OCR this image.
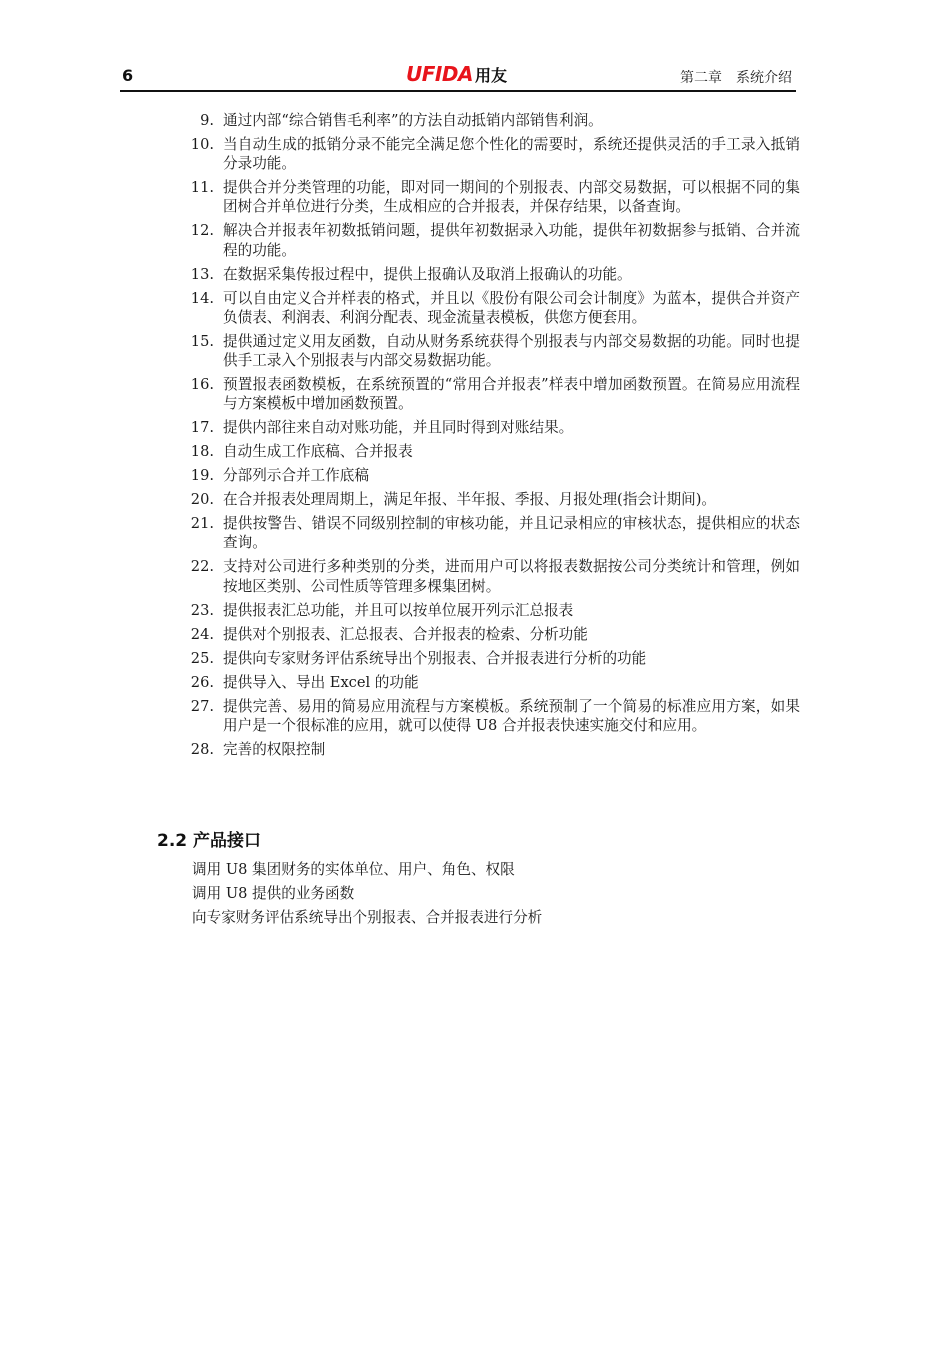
6	UFIDA 用友	第二章　系统介绍
9. 通过内部“综合销售毛利率”的方法自动抵销内部销售利润。
10. 当自动生成的抵销分录不能完全满足您个性化的需要时，系统还提供灵活的手工录入抵销分录功能。
11. 提供合并分类管理的功能，即对同一期间的个别报表、内部交易数据，可以根据不同的集团树合并单位进行分类，生成相应的合并报表，并保存结果，以备查询。
12. 解决合并报表年初数抵销问题，提供年初数据录入功能，提供年初数据参与抵销、合并流程的功能。
13. 在数据采集传报过程中，提供上报确认及取消上报确认的功能。
14. 可以自由定义合并样表的格式，并且以《股份有限公司会计制度》为蓝本，提供合并资产负债表、利润表、利润分配表、现金流量表模板，供您方便套用。
15. 提供通过定义用友函数，自动从财务系统获得个别报表与内部交易数据的功能。同时也提供手工录入个别报表与内部交易数据功能。
16. 预置报表函数模板，在系统预置的“常用合并报表”样表中增加函数预置。在简易应用流程与方案模板中增加函数预置。
17. 提供内部往来自动对账功能，并且同时得到对账结果。
18. 自动生成工作底稿、合并报表
19. 分部列示合并工作底稿
20. 在合并报表处理周期上，满足年报、半年报、季报、月报处理(指会计期间)。
21. 提供按警告、错误不同级别控制的审核功能，并且记录相应的审核状态，提供相应的状态查询。
22. 支持对公司进行多种类别的分类，进而用户可以将报表数据按公司分类统计和管理，例如按地区类别、公司性质等管理多棵集团树。
23. 提供报表汇总功能，并且可以按单位展开列示汇总报表
24. 提供对个别报表、汇总报表、合并报表的检索、分析功能
25. 提供向专家财务评估系统导出个别报表、合并报表进行分析的功能
26. 提供导入、导出 Excel 的功能
27. 提供完善、易用的简易应用流程与方案模板。系统预制了一个简易的标准应用方案，如果用户是一个很标准的应用，就可以使得 U8 合并报表快速实施交付和应用。
28. 完善的权限控制
2.2 产品接口
调用 U8 集团财务的实体单位、用户、角色、权限
调用 U8 提供的业务函数
向专家财务评估系统导出个别报表、合并报表进行分析
